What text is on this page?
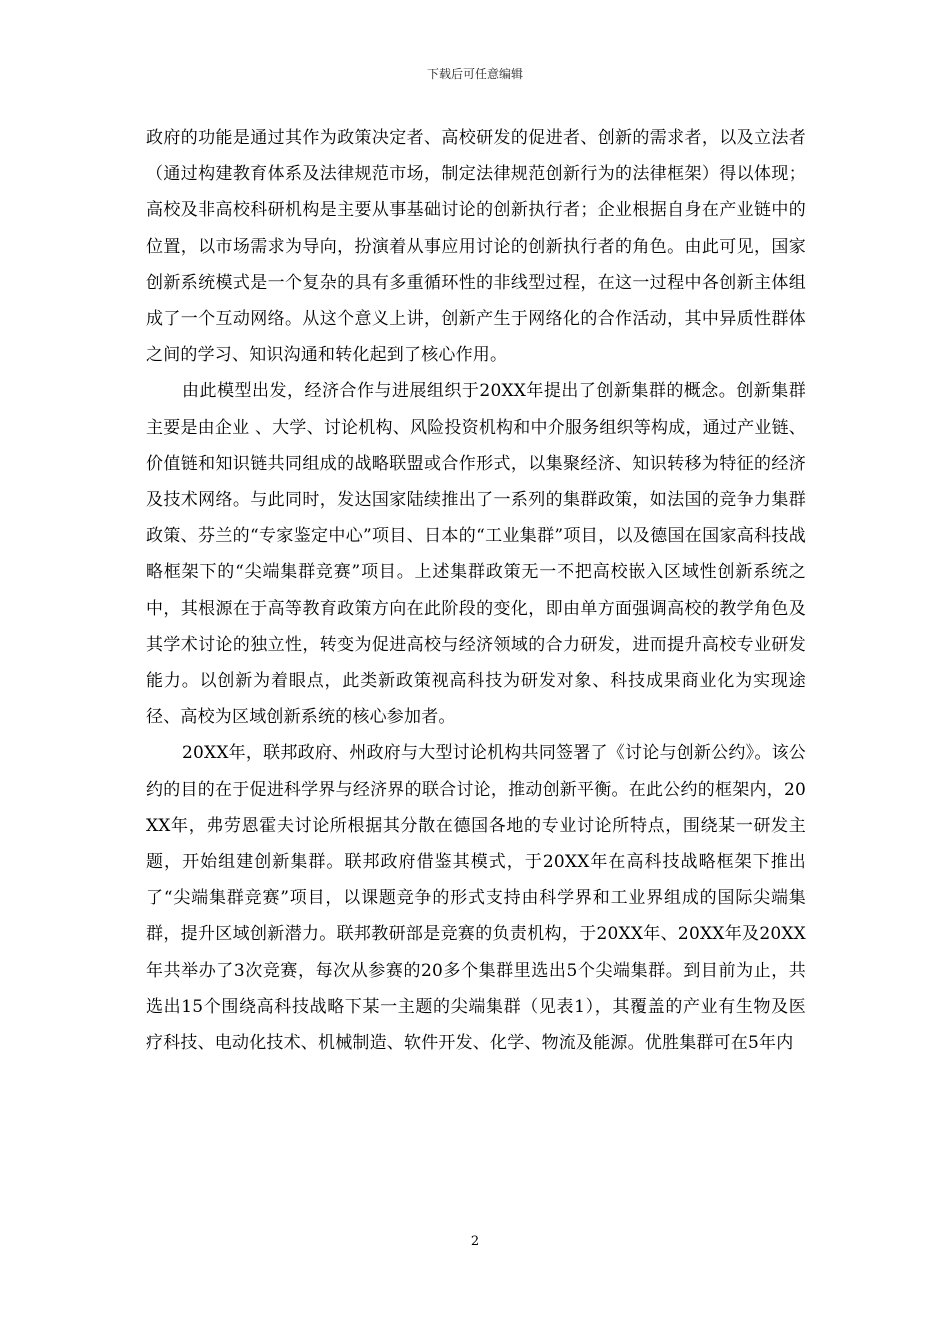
下载后可任意编辑

政府的功能是通过其作为政策决定者、高校研发的促进者、创新的需求者，以及立法者（通过构建教育体系及法律规范市场，制定法律规范创新行为的法律框架）得以体现；高校及非高校科研机构是主要从事基础讨论的创新执行者；企业根据自身在产业链中的位置，以市场需求为导向，扮演着从事应用讨论的创新执行者的角色。由此可见，国家创新系统模式是一个复杂的具有多重循环性的非线型过程，在这一过程中各创新主体组成了一个互动网络。从这个意义上讲，创新产生于网络化的合作活动，其中异质性群体之间的学习、知识沟通和转化起到了核心作用。

由此模型出发，经济合作与进展组织于20XX年提出了创新集群的概念。创新集群主要是由企业 、大学、讨论机构、风险投资机构和中介服务组织等构成，通过产业链、价值链和知识链共同组成的战略联盟或合作形式，以集聚经济、知识转移为特征的经济及技术网络。与此同时，发达国家陆续推出了一系列的集群政策，如法国的竞争力集群政策、芬兰的“专家鉴定中心”项目、日本的“工业集群”项目，以及德国在国家高科技战略框架下的“尖端集群竞赛”项目。上述集群政策无一不把高校嵌入区域性创新系统之中，其根源在于高等教育政策方向在此阶段的变化，即由单方面强调高校的教学角色及其学术讨论的独立性，转变为促进高校与经济领域的合力研发，进而提升高校专业研发能力。以创新为着眼点，此类新政策视高科技为研发对象、科技成果商业化为实现途径、高校为区域创新系统的核心参加者。

20XX年，联邦政府、州政府与大型讨论机构共同签署了《讨论与创新公约》。该公约的目的在于促进科学界与经济界的联合讨论，推动创新平衡。在此公约的框架内，20XX年，弗劳恩霍夫讨论所根据其分散在德国各地的专业讨论所特点，围绕某一研发主题，开始组建创新集群。联邦政府借鉴其模式，于20XX年在高科技战略框架下推出了“尖端集群竞赛”项目，以课题竞争的形式支持由科学界和工业界组成的国际尖端集群，提升区域创新潜力。联邦教研部是竞赛的负责机构，于20XX年、20XX年及20XX年共举办了3次竞赛，每次从参赛的20多个集群里选出5个尖端集群。到目前为止，共选出15个围绕高科技战略下某一主题的尖端集群（见表1），其覆盖的产业有生物及医疗科技、电动化技术、机械制造、软件开发、化学、物流及能源。优胜集群可在5年内

2
